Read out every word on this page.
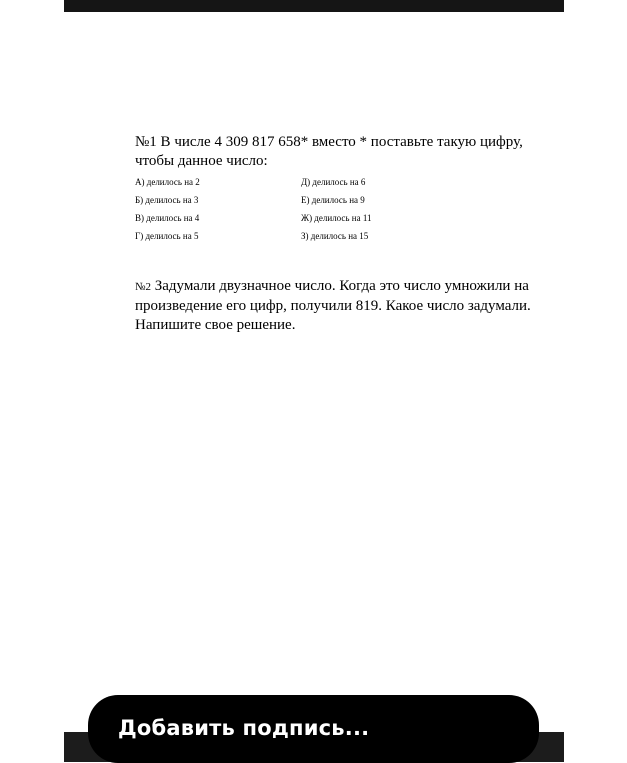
№1 В числе 4 309 817 658* вместо * поставьте такую цифру, чтобы данное число:

А) делилось на 2	Д) делилось на 6
Б) делилось на 3	Е) делилось на 9
В) делилось на 4	Ж) делилось на 11
Г) делилось на 5	З) делилось на 15

№2 Задумали двузначное число. Когда это число умножили на произведение его цифр, получили 819. Какое число задумали. Напишите свое решение.

Добавить подпись...
